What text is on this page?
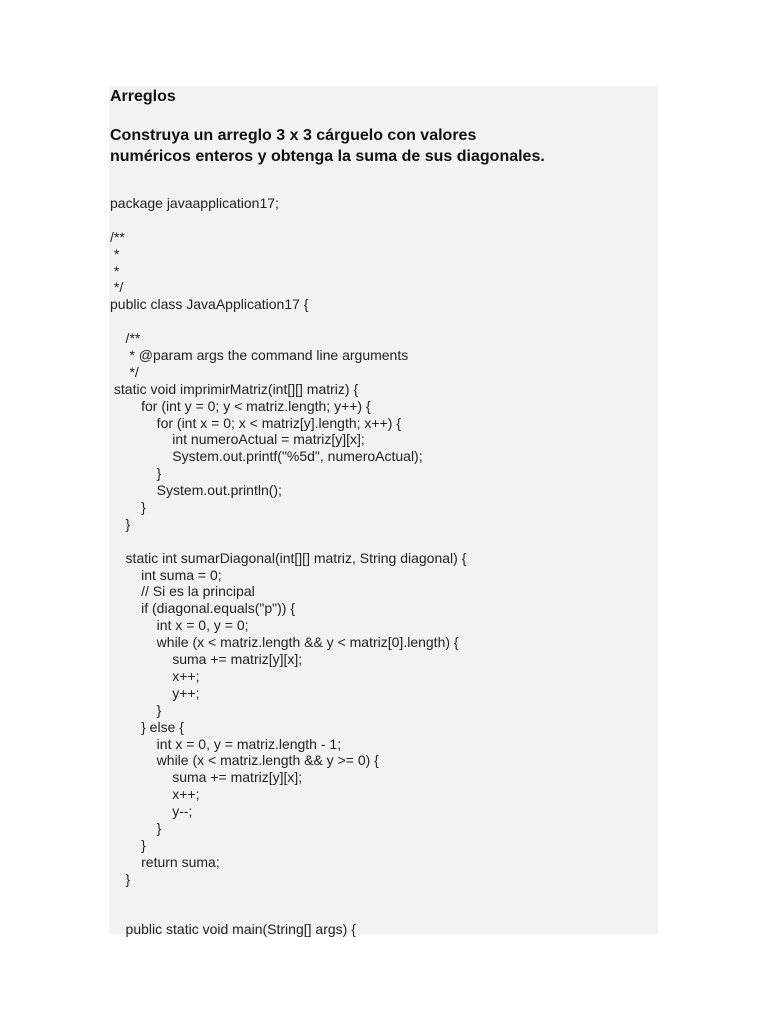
Arreglos
Construya un arreglo 3 x 3 cárguelo con valores
numéricos enteros y obtenga la suma de sus diagonales.
package javaapplication17;
/**
*
*
*/
public class JavaApplication17 {
/**
* @param args the command line arguments
*/
static void imprimirMatriz(int[][] matriz) {
for (int y = 0; y < matriz.length; y++) {
for (int x = 0; x < matriz[y].length; x++) {
int numeroActual = matriz[y][x];
System.out.printf("%5d", numeroActual);
}
System.out.println();
}
}
static int sumarDiagonal(int[][] matriz, String diagonal) {
int suma = 0;
// Si es la principal
if (diagonal.equals("p")) {
int x = 0, y = 0;
while (x < matriz.length && y < matriz[0].length) {
suma += matriz[y][x];
x++;
y++;
}
} else {
int x = 0, y = matriz.length - 1;
while (x < matriz.length && y >= 0) {
suma += matriz[y][x];
x++;
y--;
}
}
return suma;
}
public static void main(String[] args) {
